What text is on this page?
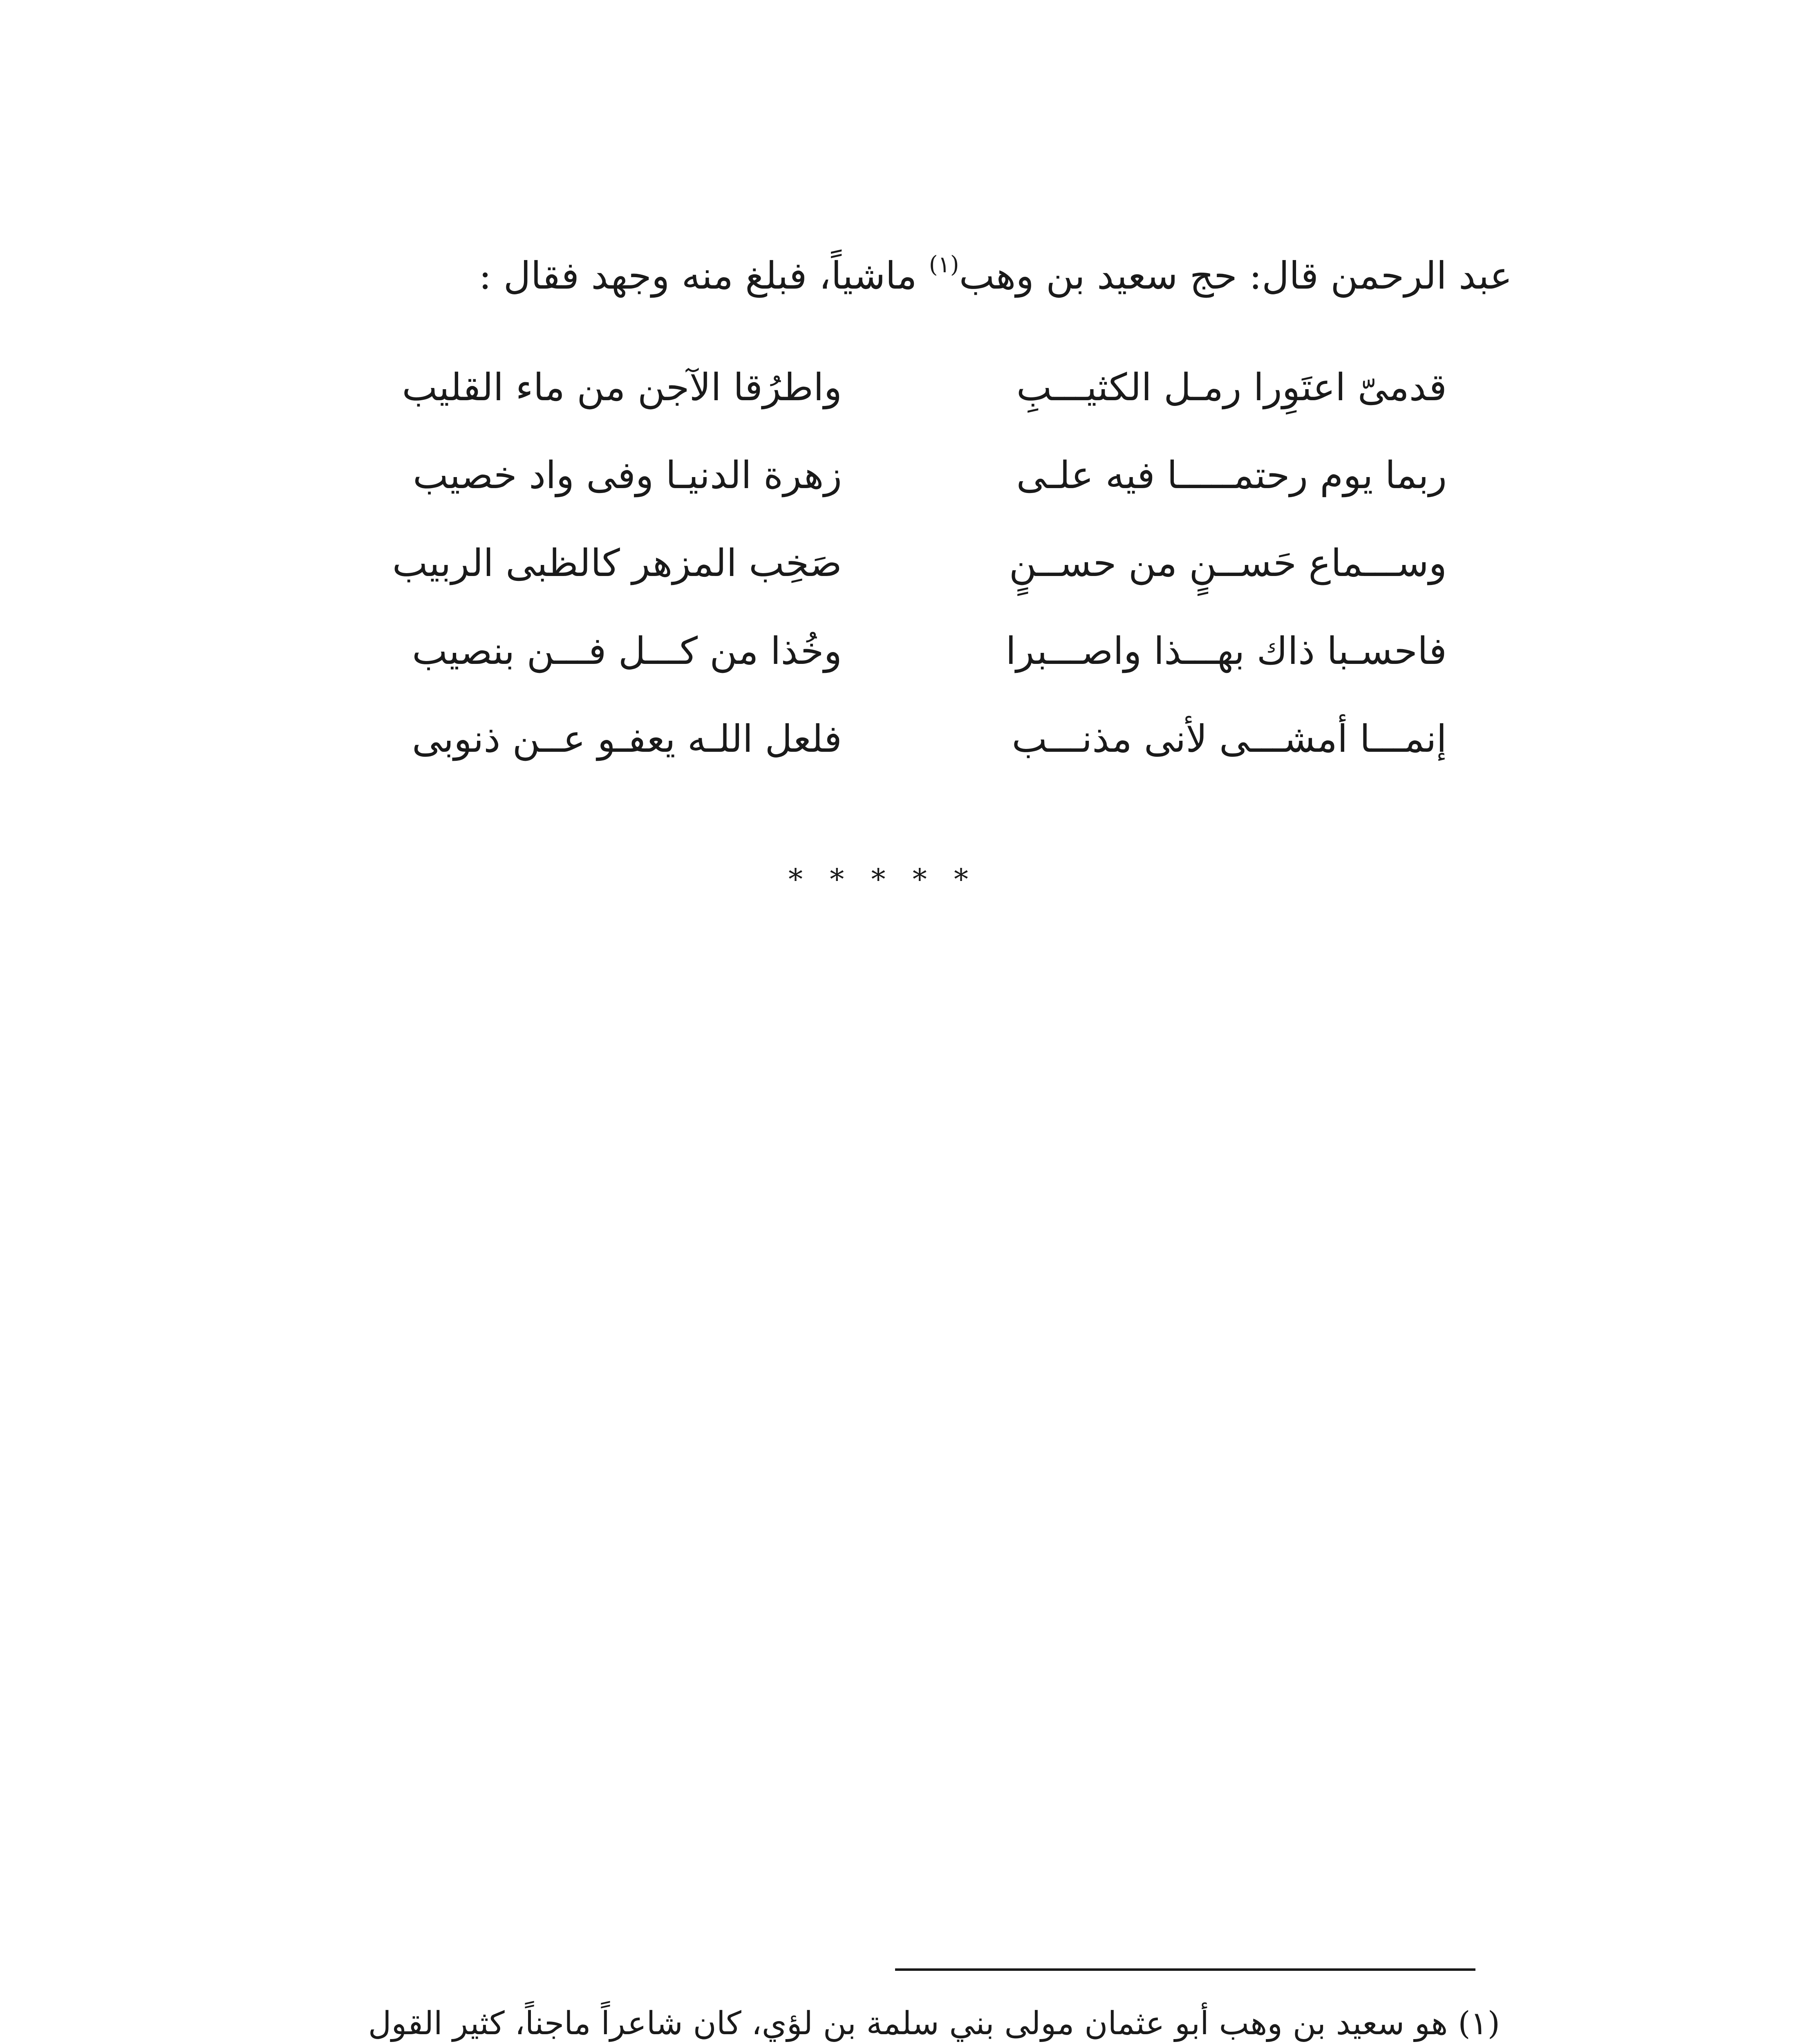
عبد الرحمن قال: حج سعيد بن وهب$^{(١)}$ ماشياً، فبلغ منه وجهد فقال :
قدمىّ اعتَوِرا رمـل الكثيـــبِ
واطرُقا الآجن من ماء القليب
ربما يوم رحتمـــــا فيه علـى
زهرة الدنيـا وفى واد خصيب
وســـماع حَســنٍ من حســنٍ
صَخِب المزهر كالظبى الربيب
فاحسـبا ذاك بهـــذا واصـــبرا
وخُذا من كـــل فـــن بنصيب
إنمـــا أمشـــى لأنى مذنـــب
فلعل اللـه يعفـو عــن ذنوبى
* * * * *
(١) هو سعيد بن وهب أبو عثمان مولى بني سلمة بن لؤي، كان شاعراً ماجناً، كثير القول
